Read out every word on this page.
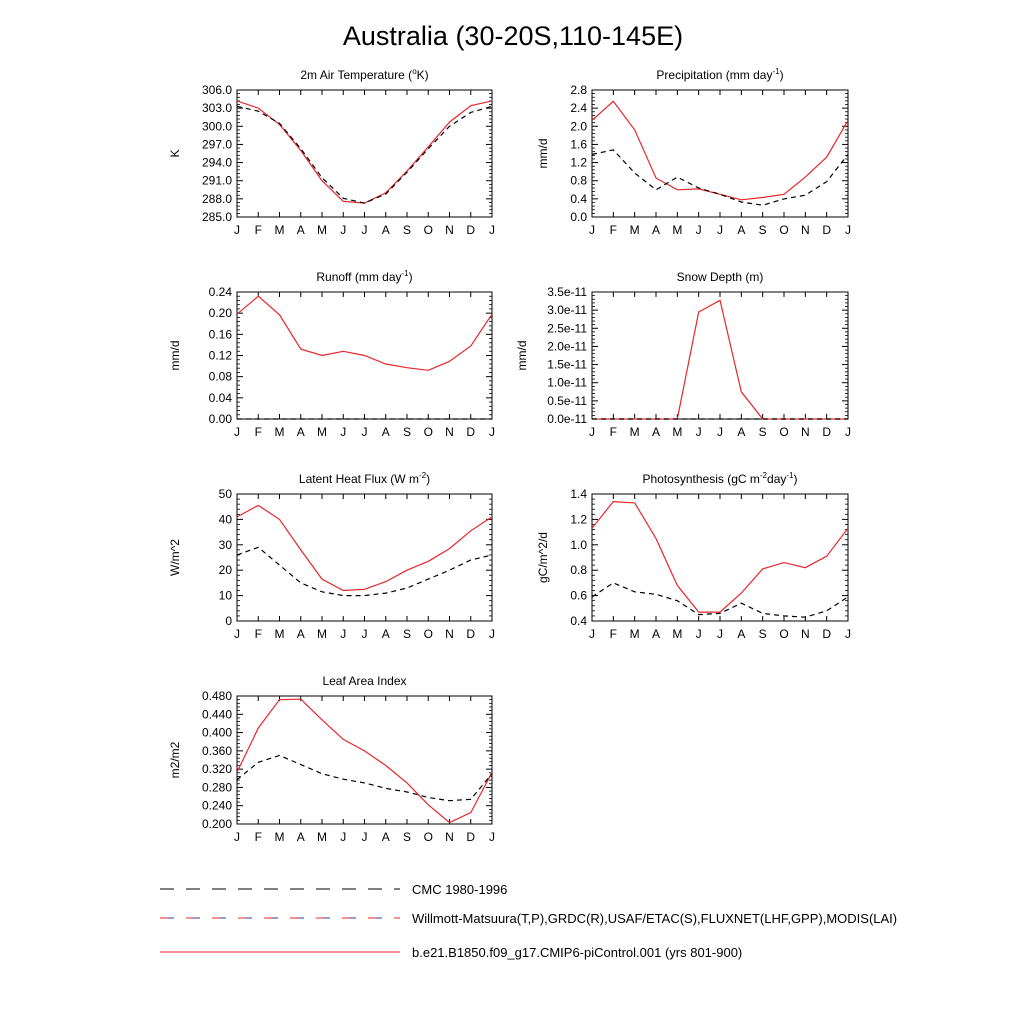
Australia (30-20S,110-145E)
2m Air Temperature ($^o$K)
J F M A M J J A S O N D J
306.0
303.0
300.0
297.0
294.0
291.0
288.0
285.0
K
Precipitation (mm day$^{-1}$)
J F M A M J J A S O N D J
2.8
2.4
2.0
1.6
1.2
0.8
0.4
0.0
mm/d
Runoff (mm day$^{-1}$)
J F M A M J J A S O N D J
0.24
0.20
0.16
0.12
0.08
0.04
0.00
mm/d
Snow Depth (m)
J F M A M J J A S O N D J
3.5e-11
3.0e-11
2.5e-11
2.0e-11
1.5e-11
1.0e-11
0.5e-11
0.0e-11
mm/d
Latent Heat Flux (W $m^{-2}$)
J F M A M J J A S O N D J
50
40
30
20
10
0
W/m^2
Photosynthesis (gC $m^{-2}day^{-1}$)
J F M A M J J A S O N D J
1.4
1.2
1.0
0.8
0.6
0.4
gC/m^2/d
Leaf Area Index
J F M A M J J A S O N D J
0.480
0.440
0.400
0.360
0.320
0.280
0.240
0.200
m2/m2
CMC 1980-1996
Willmott-Matsuura(T,P),GRDC(R),USAF/ETAC(S),FLUXNET(LHF,GPP),MODIS(LAI)
b.e21.B1850.f09_g17.CMIP6-piControl.001 (yrs 801-900)
